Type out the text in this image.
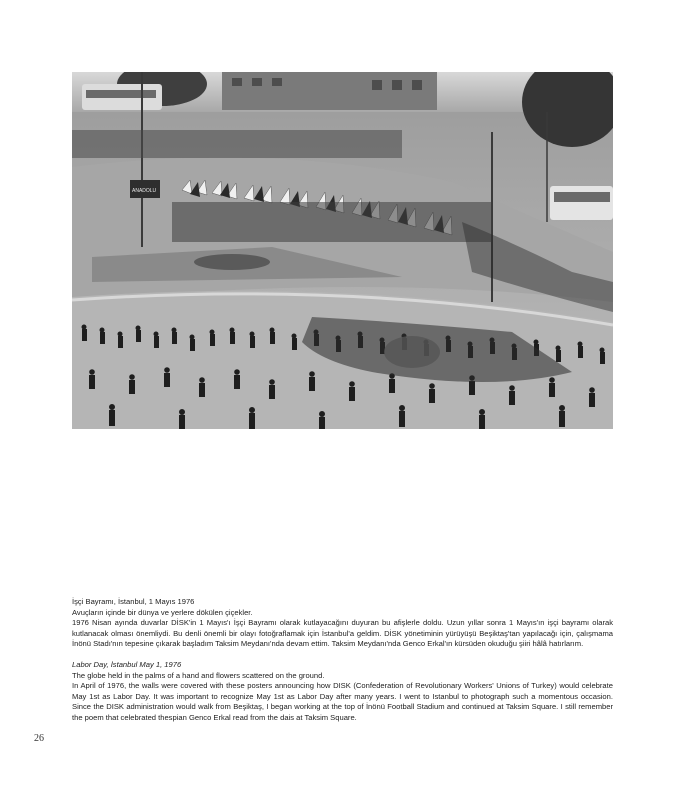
ANADOLU

İşçi Bayramı, İstanbul, 1 Mayıs 1976

Avuçların içinde bir dünya ve yerlere dökülen çiçekler.

1976 Nisan ayında duvarlar DİSK'in 1 Mayıs'ı İşçi Bayramı olarak kutlayacağını duyuran bu afişlerle doldu. Uzun yıllar sonra 1 Mayıs'ın işçi bayramı olarak kutlanacak olması önemliydi. Bu denli önemli bir olayı fotoğraflamak için İstanbul'a geldim. DİSK yönetiminin yürüyüşü Beşiktaş'tan yapılacağı için, çalışmama İnönü Stadı'nın tepesine çıkarak başladım Taksim Meydanı'nda devam ettim. Taksim Meydanı'nda Genco Erkal'ın kürsüden okuduğu şiiri hâlâ hatırlarım.

Labor Day, İstanbul May 1, 1976

The globe held in the palms of a hand and flowers scattered on the ground.

In April of 1976, the walls were covered with these posters announcing how DISK (Confederation of Revolutionary Workers' Unions of Turkey) would celebrate May 1st as Labor Day. It was important to recognize May 1st as Labor Day after many years. I went to Istanbul to photograph such a momentous occasion. Since the DISK administration would walk from Beşiktaş, I began working at the top of İnönü Football Stadium and continued at Taksim Square. I still remember the poem that celebrated thespian Genco Erkal read from the dais at Taksim Square.

26
